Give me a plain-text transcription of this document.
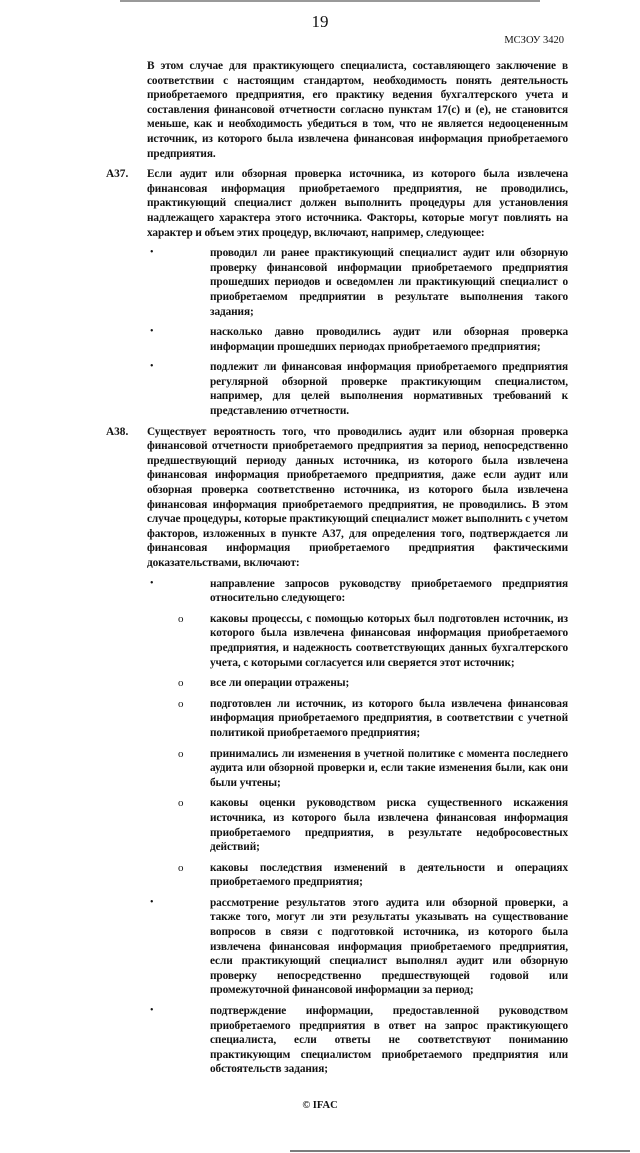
19
МСЗОУ 3420
В этом случае для практикующего специалиста, составляющего заключение в соответствии с настоящим стандартом, необходимость понять деятельность приобретаемого предприятия, его практику ведения бухгалтерского учета и составления финансовой отчетности согласно пунктам 17(c) и (e), не становится меньше, как и необходимость убедиться в том, что не является недооцененным источник, из которого была извлечена финансовая информация приобретаемого предприятия.
A37.	Если аудит или обзорная проверка источника, из которого была извлечена финансовая информация приобретаемого предприятия, не проводились, практикующий специалист должен выполнить процедуры для установления надлежащего характера этого источника. Факторы, которые могут повлиять на характер и объем этих процедур, включают, например, следующее:
•	проводил ли ранее практикующий специалист аудит или обзорную проверку финансовой информации приобретаемого предприятия прошедших периодов и осведомлен ли практикующий специалист о приобретаемом предприятии в результате выполнения такого задания;
•	насколько давно проводились аудит или обзорная проверка информации прошедших периодах приобретаемого предприятия;
•	подлежит ли финансовая информация приобретаемого предприятия регулярной обзорной проверке практикующим специалистом, например, для целей выполнения нормативных требований к представлению отчетности.
A38.	Существует вероятность того, что проводились аудит или обзорная проверка финансовой отчетности приобретаемого предприятия за период, непосредственно предшествующий периоду данных источника, из которого была извлечена финансовая информация приобретаемого предприятия, даже если аудит или обзорная проверка соответственно источника, из которого была извлечена финансовая информация приобретаемого предприятия, не проводились. В этом случае процедуры, которые практикующий специалист может выполнить с учетом факторов, изложенных в пункте A37, для определения того, подтверждается ли финансовая информация приобретаемого предприятия фактическими доказательствами, включают:
•	направление запросов руководству приобретаемого предприятия относительно следующего:
o	каковы процессы, с помощью которых был подготовлен источник, из которого была извлечена финансовая информация приобретаемого предприятия, и надежность соответствующих данных бухгалтерского учета, с которыми согласуется или сверяется этот источник;
o	все ли операции отражены;
o	подготовлен ли источник, из которого была извлечена финансовая информация приобретаемого предприятия, в соответствии с учетной политикой приобретаемого предприятия;
o	принимались ли изменения в учетной политике с момента последнего аудита или обзорной проверки и, если такие изменения были, как они были учтены;
o	каковы оценки руководством риска существенного искажения источника, из которого была извлечена финансовая информация приобретаемого предприятия, в результате недобросовестных действий;
o	каковы последствия изменений в деятельности и операциях приобретаемого предприятия;
•	рассмотрение результатов этого аудита или обзорной проверки, а также того, могут ли эти результаты указывать на существование вопросов в связи с подготовкой источника, из которого была извлечена финансовая информация приобретаемого предприятия, если практикующий специалист выполнял аудит или обзорную проверку непосредственно предшествующей годовой или промежуточной финансовой информации за период;
•	подтверждение информации, предоставленной руководством приобретаемого предприятия в ответ на запрос практикующего специалиста, если ответы не соответствуют пониманию практикующим специалистом приобретаемого предприятия или обстоятельств задания;
© IFAC
